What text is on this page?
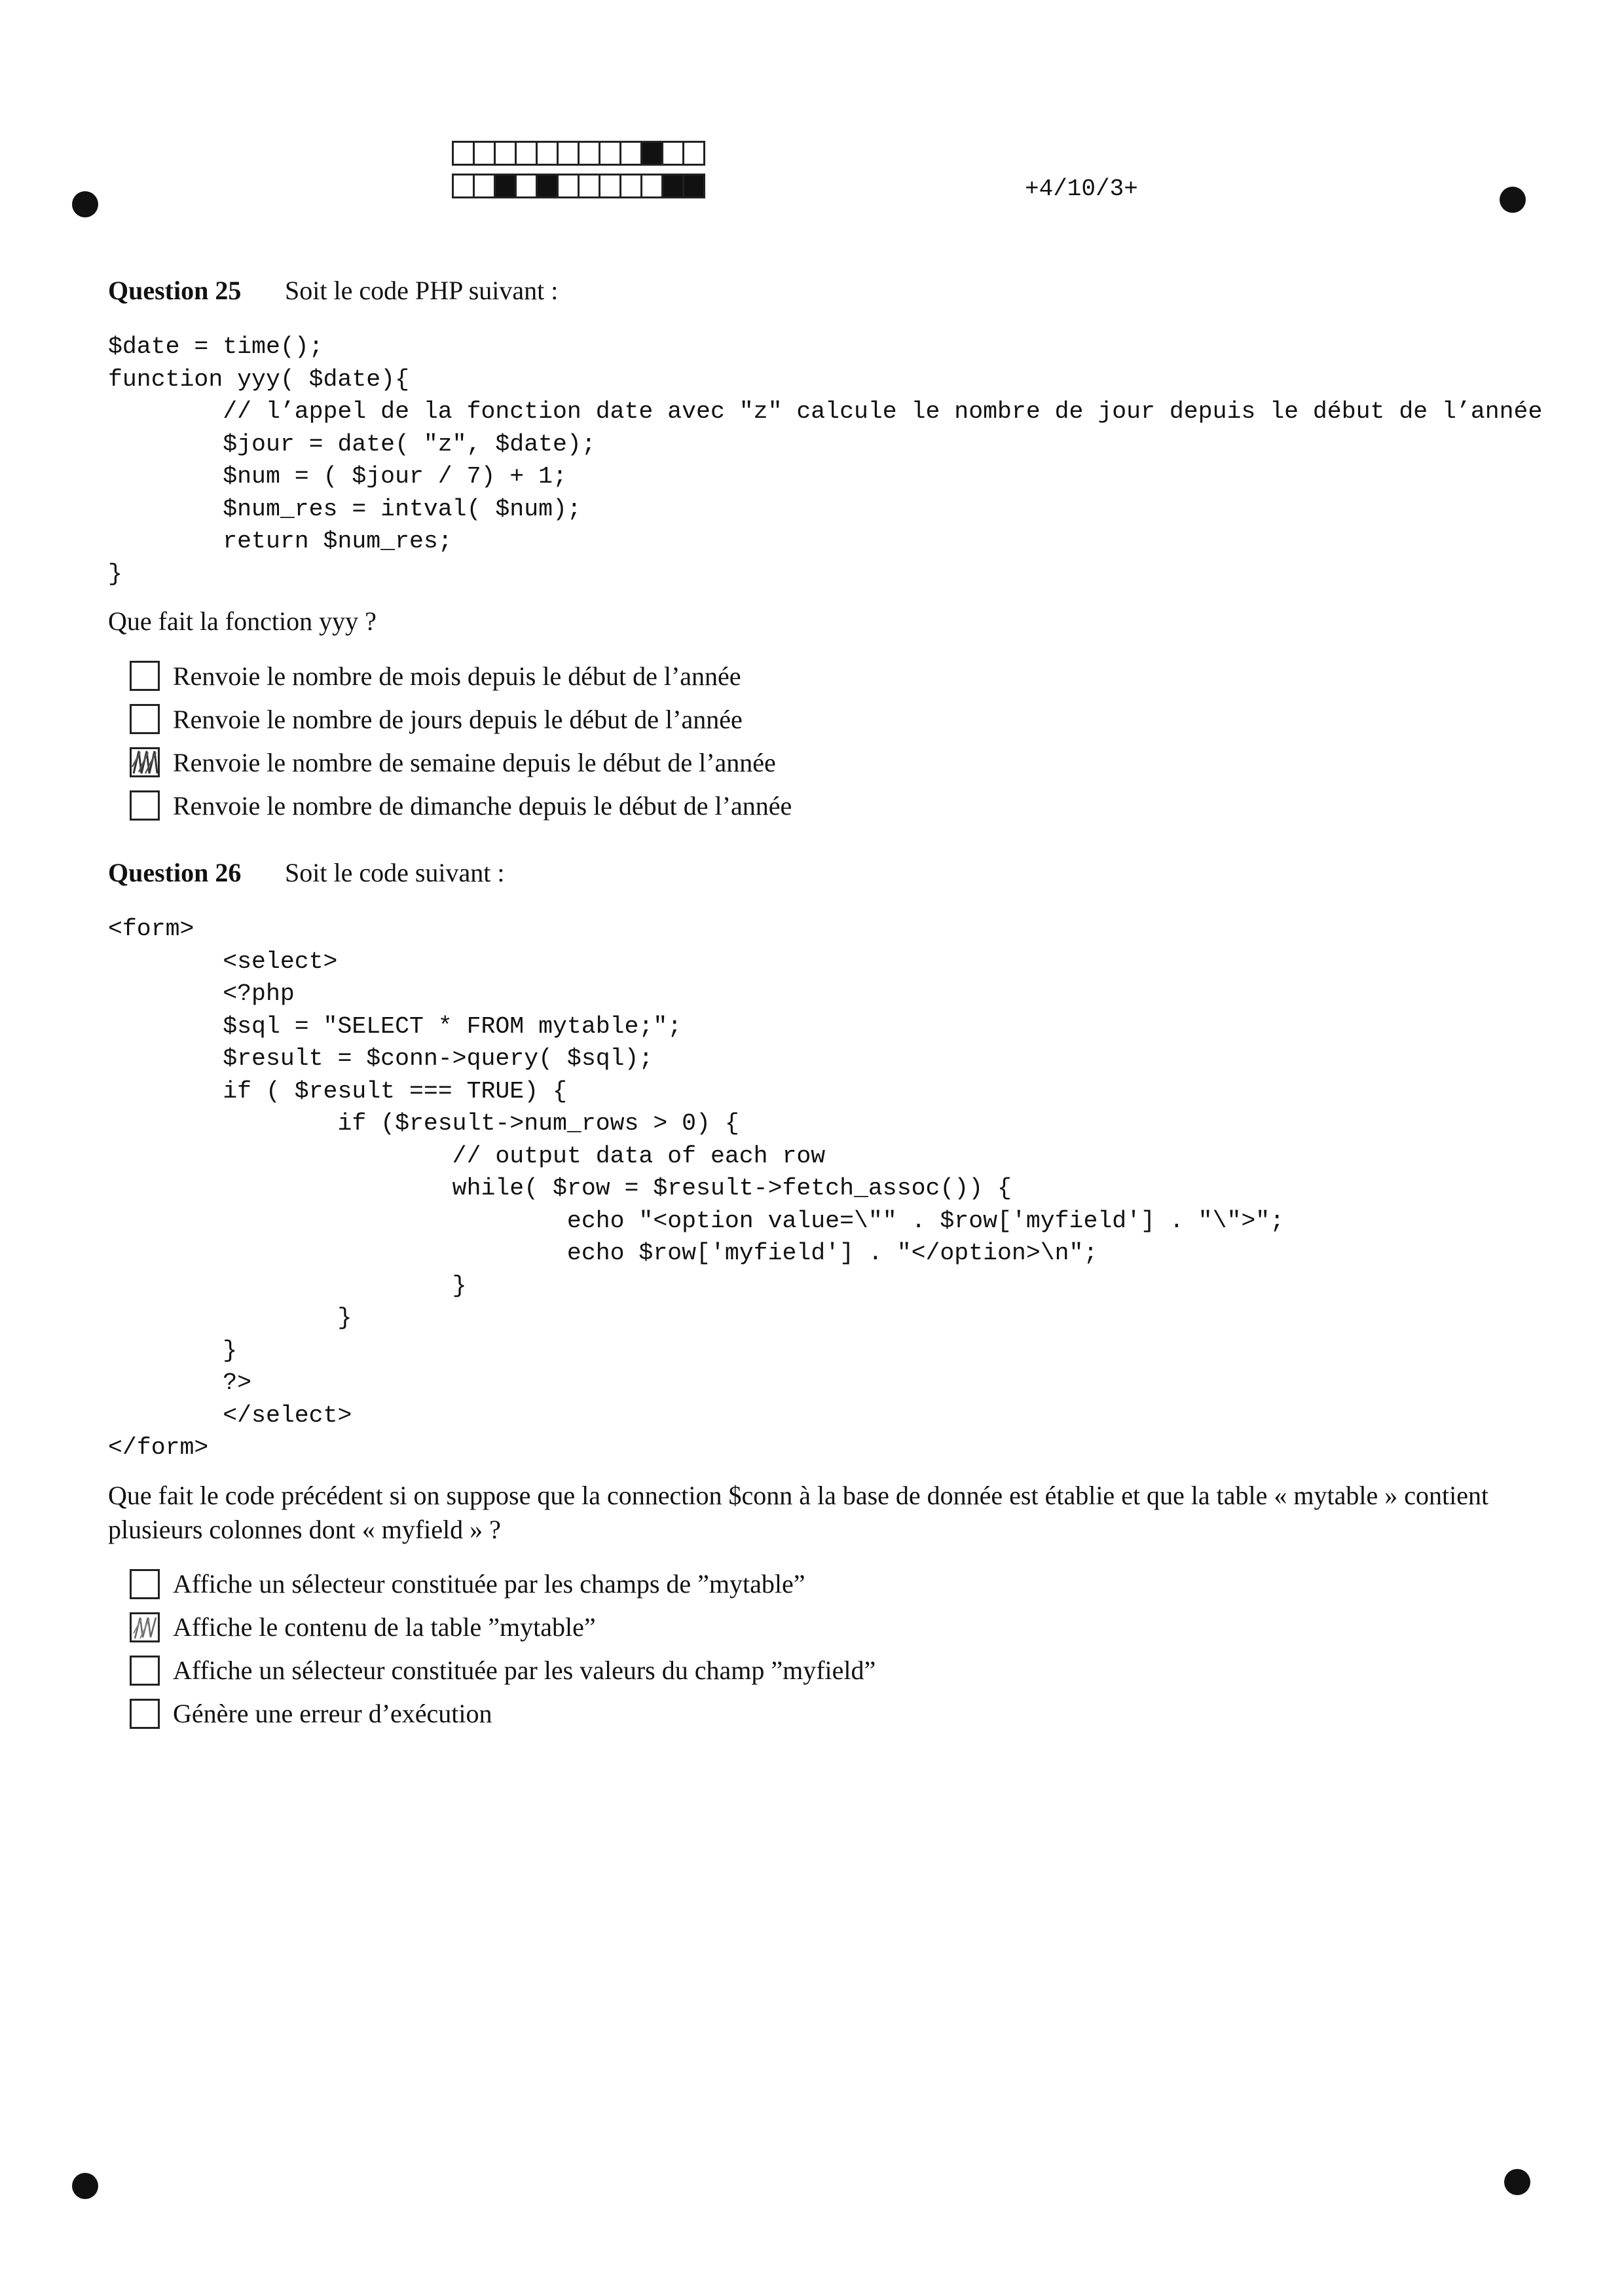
+4/10/3+
Question 25	Soit le code PHP suivant :
$date = time();
function yyy( $date){
// l’appel de la fonction date avec "z" calcule le nombre de jour depuis le début de l’année
$jour = date( "z", $date);
$num = ( $jour / 7) + 1;
$num_res = intval( $num);
return $num_res;
}
Que fait la fonction yyy ?
Renvoie le nombre de mois depuis le début de l’année
Renvoie le nombre de jours depuis le début de l’année
Renvoie le nombre de semaine depuis le début de l’année
Renvoie le nombre de dimanche depuis le début de l’année
Question 26	Soit le code suivant :
<form>
<select>
<?php
$sql = "SELECT * FROM mytable;";
$result = $conn->query( $sql);
if ( $result === TRUE) {
if ($result->num_rows > 0) {
// output data of each row
while( $row = $result->fetch_assoc()) {
echo "<option value=\"" . $row['myfield'] . "\">";
echo $row['myfield'] . "</option>\n";
}
}
}
?>
</select>
</form>
Que fait le code précédent si on suppose que la connection $conn à la base de donnée est établie et que la table « mytable » contient plusieurs colonnes dont « myfield » ?
Affiche un sélecteur constituée par les champs de ”mytable”
Affiche le contenu de la table ”mytable”
Affiche un sélecteur constituée par les valeurs du champ ”myfield”
Génère une erreur d’exécution
